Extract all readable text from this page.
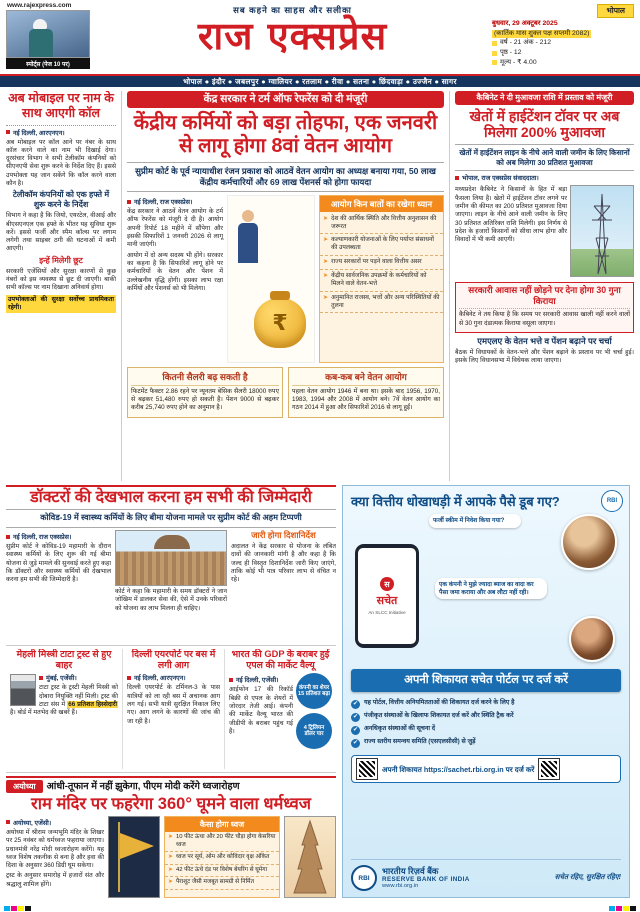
www.rajexpress.com
स्पोर्ट्स (पेज 10 पर)
सब कहने का साहस और सलीका
राज एक्सप्रेस
भोपाल
बुधवार, 29 अक्टूबर 2025
(कार्तिक मास शुक्ल पक्ष सप्तमी 2082)
वर्ष - 21 अंक - 212
पृष्ठ - 12
मूल्य - ₹ 4.00
भोपाल ● इंदौर ● जबलपुर ● ग्वालियर ● रतलाम ● रीवा ● सतना ● छिंदवाड़ा ● उज्जैन ● सागर
अब मोबाइल पर नाम के साथ आएगी कॉल
नई दिल्ली, आरएनएन।

अब मोबाइल पर कॉल आने पर नंबर के साथ कॉल करने वाले का नाम भी दिखाई देगा। दूरसंचार विभाग ने सभी टेलीकॉम कंपनियों को सीएनएपी सेवा शुरू करने के निर्देश दिए हैं। इससे उपभोक्ता यह जान सकेंगे कि कॉल करने वाला कौन है।

टेलीकॉम कंपनियों को एक हफ्ते में शुरू करने के निर्देश

विभाग ने कहा है कि जियो, एयरटेल, वीआई और बीएसएनएल एक हफ्ते के भीतर यह सुविधा शुरू करें। इससे फर्जी और स्पैम कॉल्स पर लगाम लगेगी तथा साइबर ठगी की घटनाओं में कमी आएगी।

इन्हें मिलेगी छूट

सरकारी एजेंसियों और सुरक्षा कारणों से कुछ नंबरों को इस व्यवस्था से छूट दी जाएगी। बाकी सभी कॉल्स पर नाम दिखाना अनिवार्य होगा।

उपभोक्ताओं की सुरक्षा सर्वोच्च प्राथमिकता रहेगी।
केंद्र सरकार ने टर्म ऑफ रेफरेंस को दी मंजूरी
केंद्रीय कर्मियों को बड़ा तोहफा, एक जनवरी से लागू होगा 8वां वेतन आयोग
सुप्रीम कोर्ट के पूर्व न्यायाधीश रंजन प्रकाश को आठवें वेतन आयोग का अध्यक्ष बनाया गया, 50 लाख केंद्रीय कर्मचारियों और 69 लाख पेंशनर्स को होगा फायदा
नई दिल्ली, राज एक्सप्रेस।

केंद्र सरकार ने आठवें वेतन आयोग के टर्म ऑफ रेफरेंस को मंजूरी दे दी है। आयोग अपनी रिपोर्ट 18 महीने में सौंपेगा और इसकी सिफारिशें 1 जनवरी 2026 से लागू मानी जाएंगी।

आयोग में दो अन्य सदस्य भी होंगे। सरकार का कहना है कि सिफारिशें लागू होने पर कर्मचारियों के वेतन और पेंशन में उल्लेखनीय वृद्धि होगी। इसका लाभ रक्षा कर्मियों और पेंशनर्स को भी मिलेगा।

₹
आयोग किन बातों का रखेगा ध्यान
➤ देश की आर्थिक स्थिति और वित्तीय अनुशासन की जरूरत
➤ कल्याणकारी योजनाओं के लिए पर्याप्त संसाधनों की उपलब्धता
➤ राज्य सरकारों पर पड़ने वाला वित्तीय असर
➤ केंद्रीय सार्वजनिक उपक्रमों के कर्मचारियों को मिलने वाले वेतन-भत्ते
➤ अनुमानित राजस्व, भत्तों और अन्य परिस्थितियों की तुलना
कितनी सैलरी बढ़ सकती है

फिटमेंट फैक्टर 2.86 रहने पर न्यूनतम बेसिक सैलरी 18000 रुपए से बढ़कर 51,480 रुपए हो सकती है। पेंशन 9000 से बढ़कर करीब 25,740 रुपए होने का अनुमान है।

कब-कब बने वेतन आयोग

पहला वेतन आयोग 1946 में बना था। इसके बाद 1956, 1970, 1983, 1994 और 2008 में आयोग बने। 7वें वेतन आयोग का गठन 2014 में हुआ और सिफारिशें 2016 से लागू हुईं।

कैबिनेट ने दी मुआवजा राशि में प्रस्ताव को मंजूरी
खेतों में हाईटेंशन टॉवर पर अब मिलेगा 200% मुआवजा
खेतों में हाईटेंशन लाइन के नीचे आने वाली जमीन के लिए किसानों को अब मिलेगा 30 प्रतिशत मुआवजा
भोपाल, राज एक्सप्रेस संवाददाता।

मध्यप्रदेश कैबिनेट ने किसानों के हित में बड़ा फैसला लिया है। खेतों में हाईटेंशन टॉवर लगने पर जमीन की कीमत का 200 प्रतिशत मुआवजा दिया जाएगा। लाइन के नीचे आने वाली जमीन के लिए 30 प्रतिशत अतिरिक्त राशि मिलेगी। इस निर्णय से प्रदेश के हजारों किसानों को सीधा लाभ होगा और विवादों में भी कमी आएगी।

सरकारी आवास नहीं छोड़ने पर देना होगा 30 गुना किराया

कैबिनेट ने तय किया है कि समय पर सरकारी आवास खाली नहीं करने वालों से 30 गुना दंडात्मक किराया वसूला जाएगा।

एमएलए के वेतन भत्ते व पेंशन बढ़ाने पर चर्चा

बैठक में विधायकों के वेतन-भत्ते और पेंशन बढ़ाने के प्रस्ताव पर भी चर्चा हुई। इसके लिए विधानसभा में विधेयक लाया जाएगा।

डॉक्टरों की देखभाल करना हम सभी की जिम्मेदारी
कोविड-19 में स्वास्थ्य कर्मियों के लिए बीमा योजना मामले पर सुप्रीम कोर्ट की अहम टिप्पणी
नई दिल्ली, राज एक्सप्रेस।

सुप्रीम कोर्ट ने कोविड-19 महामारी के दौरान स्वास्थ्य कर्मियों के लिए शुरू की गई बीमा योजना से जुड़े मामले की सुनवाई करते हुए कहा कि डॉक्टरों और स्वास्थ्य कर्मियों की देखभाल करना हम सभी की जिम्मेदारी है।

कोर्ट ने कहा कि महामारी के समय डॉक्टरों ने जान जोखिम में डालकर सेवा की, ऐसे में उनके परिवारों को योजना का लाभ मिलना ही चाहिए।

जारी होगा दिशानिर्देश

अदालत ने केंद्र सरकार से योजना के लंबित दावों की जानकारी मांगी है और कहा है कि जल्द ही विस्तृत दिशानिर्देश जारी किए जाएंगे, ताकि कोई भी पात्र परिवार लाभ से वंचित न रहे।

मेहली मिस्त्री टाटा ट्रस्ट से हुए बाहर
मुंबई, एजेंसी।

टाटा ट्रस्ट के ट्रस्टी मेहली मिस्त्री को दोबारा नियुक्ति नहीं मिली। ट्रस्ट की टाटा संस में 66 प्रतिशत हिस्सेदारी है। बोर्ड में मतभेद की खबरें हैं।

दिल्ली एयरपोर्ट पर बस में लगी आग
नई दिल्ली, आरएनएन।

दिल्ली एयरपोर्ट के टर्मिनल-3 के पास यात्रियों को ला रही बस में अचानक आग लग गई। सभी यात्री सुरक्षित निकाल लिए गए। आग लगने के कारणों की जांच की जा रही है।

भारत की GDP के बराबर हुई एपल की मार्केट वैल्यू
नई दिल्ली, एजेंसी।

आईफोन 17 की रिकॉर्ड बिक्री से एपल के शेयरों में जोरदार तेजी आई। कंपनी की मार्केट वैल्यू भारत की जीडीपी के बराबर पहुंच गई है।

कंपनी का शेयर 15 प्रतिशत बढ़ा
4 ट्रिलियन डॉलर पार
अयोध्या	आंधी-तूफान में नहीं झुकेगा, पीएम मोदी करेंगे ध्वजारोहण
राम मंदिर पर फहरेगा 360° घूमने वाला धर्मध्वज
अयोध्या, एजेंसी।

अयोध्या में श्रीराम जन्मभूमि मंदिर के शिखर पर 25 नवंबर को धर्मध्वज फहराया जाएगा। प्रधानमंत्री नरेंद्र मोदी ध्वजारोहण करेंगे। यह ध्वज विशेष तकनीक से बना है और हवा की दिशा के अनुसार 360 डिग्री घूम सकेगा।

ट्रस्ट के अनुसार समारोह में हजारों संत और श्रद्धालु शामिल होंगे।

कैसा होगा ध्वज
➤ 10 फीट ऊंचा और 20 फीट चौड़ा होगा केसरिया ध्वज
➤ ध्वज पर सूर्य, ओम और कोविदार वृक्ष अंकित
➤ 42 फीट ऊंचे दंड पर विशेष बेयरिंग से घूमेगा
➤ पैराशूट जैसी मजबूत सामग्री से निर्मित
RBI
क्या वित्तीय धोखाधड़ी में आपके पैसे डूब गए?
फर्जी स्कीम में निवेश किया गया?
एक कंपनी ने मुझे ज्यादा ब्याज का वादा कर पैसा जमा कराया और अब लौटा नहीं रही।
स
सचेत
An SLCC Initiative
अपनी शिकायत सचेत पोर्टल पर दर्ज करें
✔ यह पोर्टल, वित्तीय अनियमितताओं की शिकायत दर्ज करने के लिए है
✔ पंजीकृत संस्थाओं के खिलाफ शिकायत दर्ज करें और स्थिति ट्रैक करें
✔ अनधिकृत संस्थाओं की सूचना दें
✔ राज्य स्तरीय समन्वय समिति (एसएलसीसी) से जुड़ें
अपनी शिकायत https://sachet.rbi.org.in पर दर्ज करें
RBI
भारतीय रिज़र्व बैंक
RESERVE BANK OF INDIA
www.rbi.org.in
सचेत रहिए, सुरक्षित रहिए!
